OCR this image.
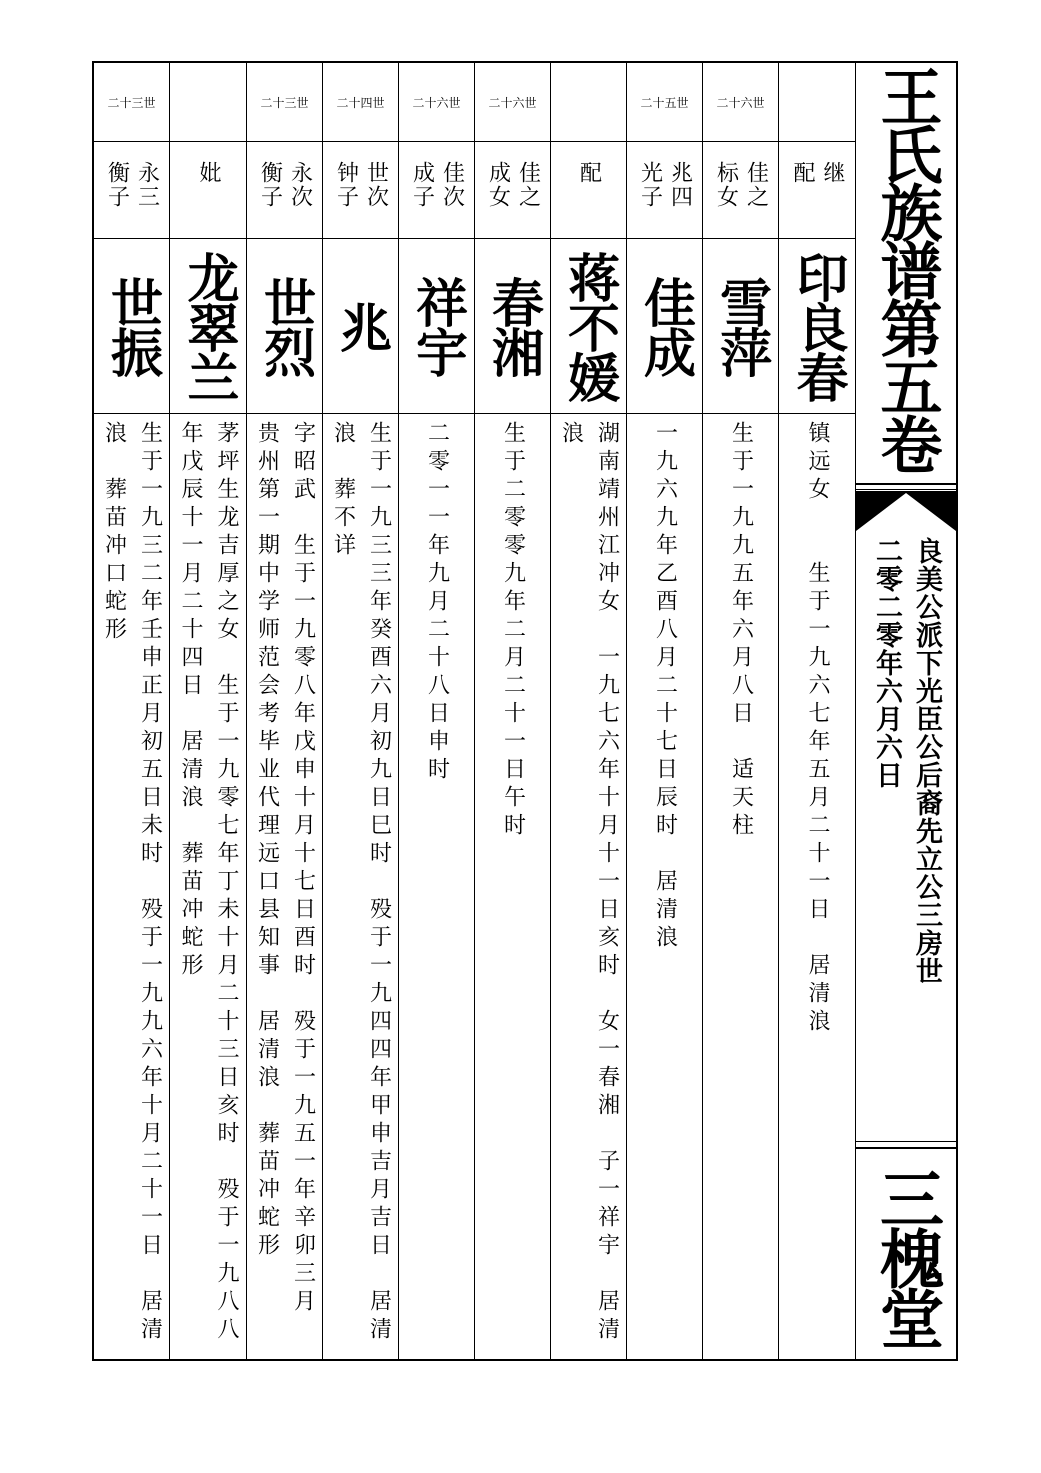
继
配
印良春
镇远女　　生于一九六七年五月二十一日　居清浪
二十六世
佳之
标女
雪萍
生于一九九五年六月八日　适天柱
二十五世
兆四
光子
佳成
一九六九年乙酉八月二十七日辰时　居清浪
配
蒋不媛
湖南靖州江冲女　一九七六年十月十一日亥时　女一春湘　子一祥宇　居清
浪
二十六世
佳之
成女
春湘
生于二零零九年二月二十一日午时
二十六世
佳次
成子
祥宇
二零一一年九月二十八日申时
二十四世
世次
钟子
兆
生于一九三三年癸酉六月初九日巳时　殁于一九四四年甲申吉月吉日　居清
浪　葬不详
二十三世
永次
衡子
世烈
字昭武　生于一九零八年戊申十月十七日酉时　殁于一九五一年辛卯三月
贵州第一期中学师范会考毕业代理远口县知事　居清浪　葬苗冲蛇形
妣
龙翠兰
茅坪生龙吉厚之女　生于一九零七年丁未十月二十三日亥时　殁于一九八八
年戊辰十一月二十四日　居清浪　葬苗冲蛇形
二十三世
永三
衡子
世振
生于一九三二年壬申正月初五日未时　殁于一九九六年十月二十一日　居清
浪　葬苗冲口蛇形
王氏族谱第五卷
良美公派下光臣公后裔先立公三房世
二零二零年六月六日
三槐堂
